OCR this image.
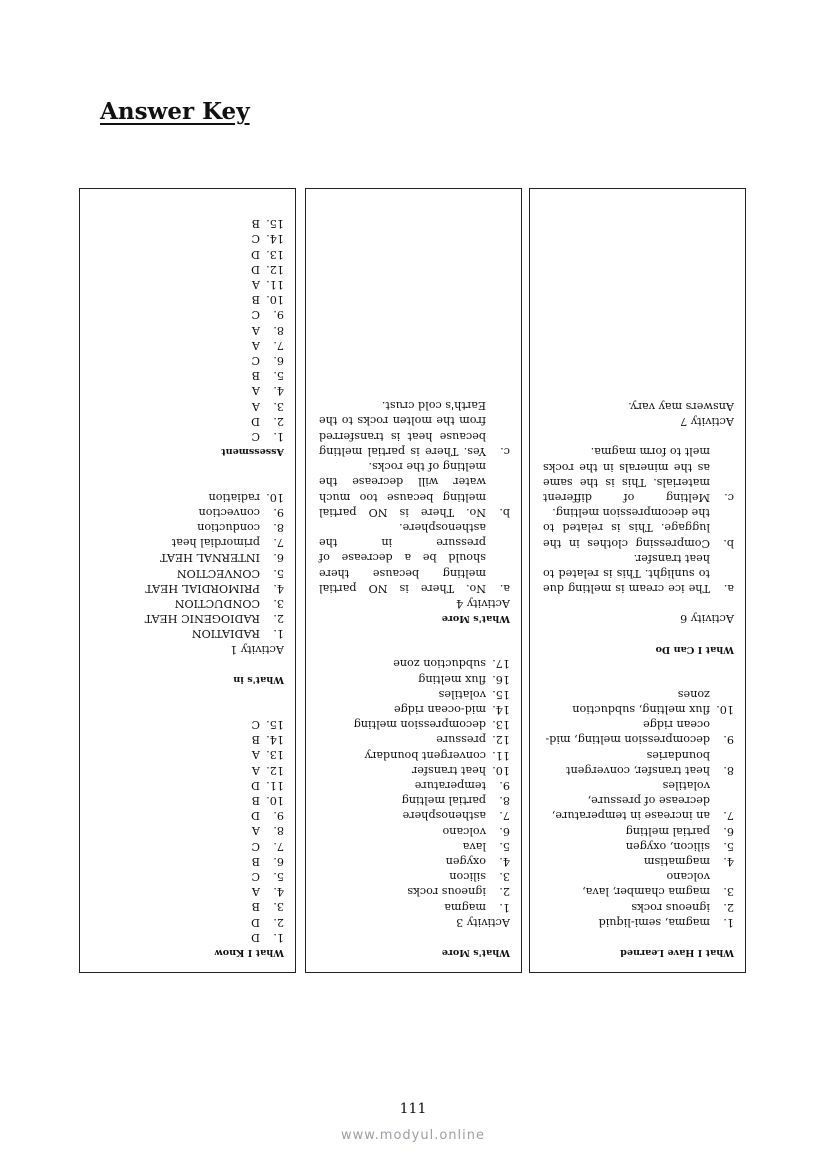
Answer Key
What I Know
1.
D
2.
D
3.
B
4.
A
5.
C
6.
B
7.
C
8.
A
9.
D
10.
B
11.
D
12.
A
13.
A
14.
B
15.
C
What's in
Activity 1
1.
RADIATION
2.
RADIOGENIC HEAT
3.
CONDUCTION
4.
PRIMORDIAL HEAT
5.
CONVECTION
6.
INTERNAL HEAT
7.
primordial heat
8.
conduction
9.
convection
10.
radiation
Assessment
1.
C
2.
D
3.
A
4.
A
5.
B
6.
C
7.
A
8.
A
9.
C
10.
B
11.
A
12.
D
13.
D
14.
C
15.
B
What's More
Activity 3
1.
magma
2.
igneous rocks
3.
silicon
4.
oxygen
5.
lava
6.
volcano
7.
asthenosphere
8.
partial melting
9.
temperature
10.
heat transfer
11.
convergent boundary
12.
pressure
13.
decompression melting
14.
mid-ocean ridge
15.
volatiles
16.
flux melting
17.
subduction zone
What's More
Activity 4
a.
No. There is NO partial melting because there should be a decrease of pressure in the asthenosphere.
b.
No. There is NO partial melting because too much water will decrease the melting of the rocks.
c.
Yes. There is partial melting because heat is transferred from the molten rocks to the Earth's cold crust.
What I Have Learned
1.
magma, semi-liquid
2.
igneous rocks
3.
magma chamber, lava, volcano
4.
magmatism
5.
silicon, oxygen
6.
partial melting
7.
an increase in temperature, decrease of pressure, volatiles
8.
heat transfer, convergent boundaries
9.
decompression melting, mid-ocean ridge
10.
flux melting, subduction zones
What I Can Do
Activity 6
a.
The ice cream is melting due to sunlight. This is related to heat transfer.
b.
Compressing clothes in the luggage. This is related to the decompression melting.
c.
Melting of different materials. This is the same as the minerals in the rocks melt to form magma.
Activity 7
Answers may vary.
111
www.modyul.online
